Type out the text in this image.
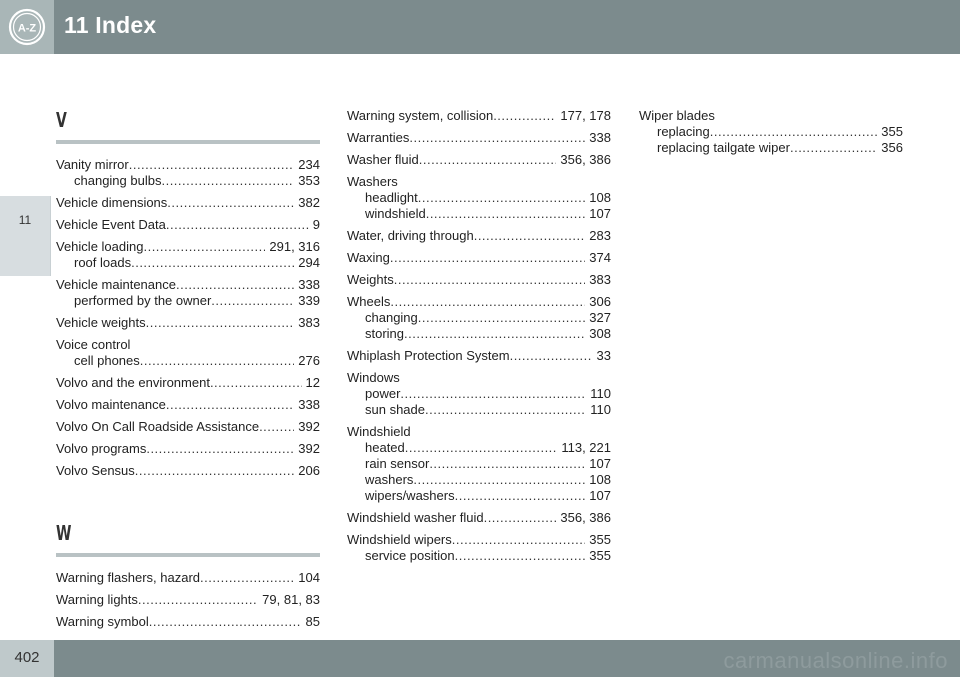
A-Z 11 Index
11
V
Vanity mirror .....	234
changing bulbs .....	353
Vehicle dimensions .....	382
Vehicle Event Data .....	9
Vehicle loading .....	291, 316
roof loads .....	294
Vehicle maintenance .....	338
performed by the owner .....	339
Vehicle weights .....	383
Voice control
cell phones .....	276
Volvo and the environment .....	12
Volvo maintenance .....	338
Volvo On Call Roadside Assistance .....	392
Volvo programs .....	392
Volvo Sensus .....	206
W
Warning flashers, hazard .....	104
Warning lights .....	79, 81, 83
Warning symbol .....	85
Warning system, collision .....	177, 178
Warranties .....	338
Washer fluid .....	356, 386
Washers
headlight .....	108
windshield .....	107
Water, driving through .....	283
Waxing .....	374
Weights .....	383
Wheels .....	306
changing .....	327
storing .....	308
Whiplash Protection System .....	33
Windows
power .....	110
sun shade .....	110
Windshield
heated .....	113, 221
rain sensor .....	107
washers .....	108
wipers/washers .....	107
Windshield washer fluid .....	356, 386
Windshield wipers .....	355
service position .....	355
Wiper blades
replacing .....	355
replacing tailgate wiper .....	356
402	carmanualsonline.info
